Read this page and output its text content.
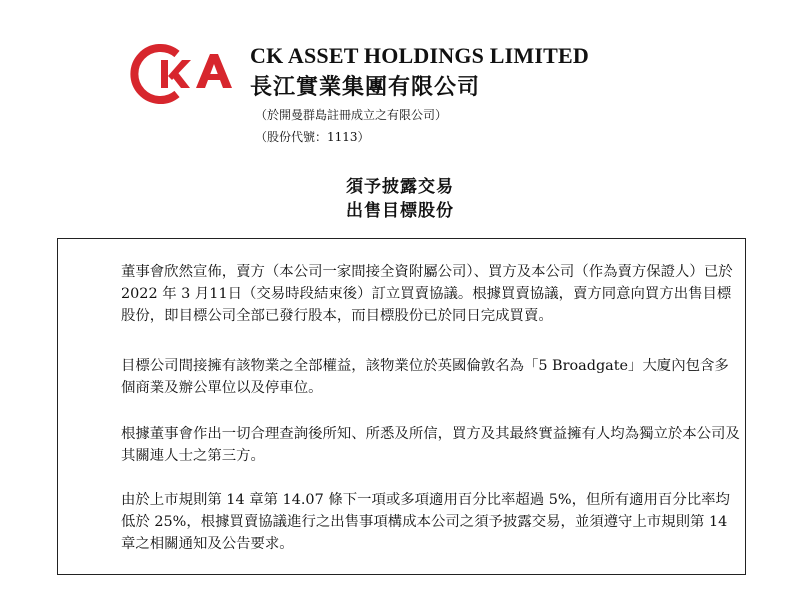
CK ASSET HOLDINGS LIMITED
長江實業集團有限公司
（於開曼群島註冊成立之有限公司）
（股份代號：1113）
須予披露交易
出售目標股份

董事會欣然宣佈，賣方（本公司一家間接全資附屬公司）、買方及本公司（作為賣方保證人）已於 2022 年 3 月11日（交易時段結束後）訂立買賣協議。根據買賣協議，賣方同意向買方出售目標股份，即目標公司全部已發行股本，而目標股份已於同日完成買賣。

目標公司間接擁有該物業之全部權益，該物業位於英國倫敦名為「5 Broadgate」大廈內包含多個商業及辦公單位以及停車位。

根據董事會作出一切合理查詢後所知、所悉及所信，買方及其最終實益擁有人均為獨立於本公司及其關連人士之第三方。

由於上市規則第 14 章第 14.07 條下一項或多項適用百分比率超過 5%，但所有適用百分比率均低於 25%，根據買賣協議進行之出售事項構成本公司之須予披露交易，並須遵守上市規則第 14 章之相關通知及公告要求。
